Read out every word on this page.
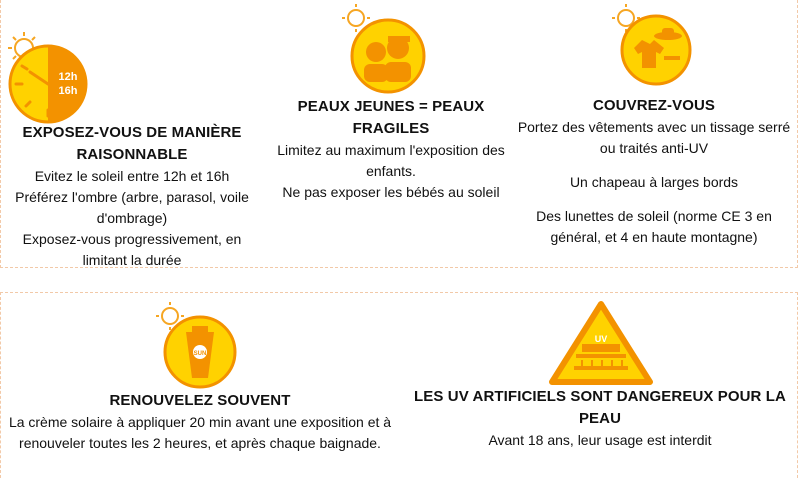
12h
16h
SUN
UV
EXPOSEZ-VOUS DE MANIÈRE RAISONNABLE
Evitez le soleil entre 12h et 16h
Préférez l'ombre (arbre, parasol, voile d'ombrage)
Exposez-vous progressivement, en limitant la durée
PEAUX JEUNES = PEAUX FRAGILES
Limitez au maximum l'exposition des enfants.
Ne pas exposer les bébés au soleil
COUVREZ-VOUS
Portez des vêtements avec un tissage serré ou traités anti-UV
Un chapeau à larges bords
Des lunettes de soleil (norme CE 3 en général, et 4 en haute montagne)
RENOUVELEZ SOUVENT
La crème solaire à appliquer 20 min avant une exposition et à renouveler toutes les 2 heures, et après chaque baignade.
LES UV ARTIFICIELS SONT DANGEREUX POUR LA PEAU
Avant 18 ans, leur usage est interdit
